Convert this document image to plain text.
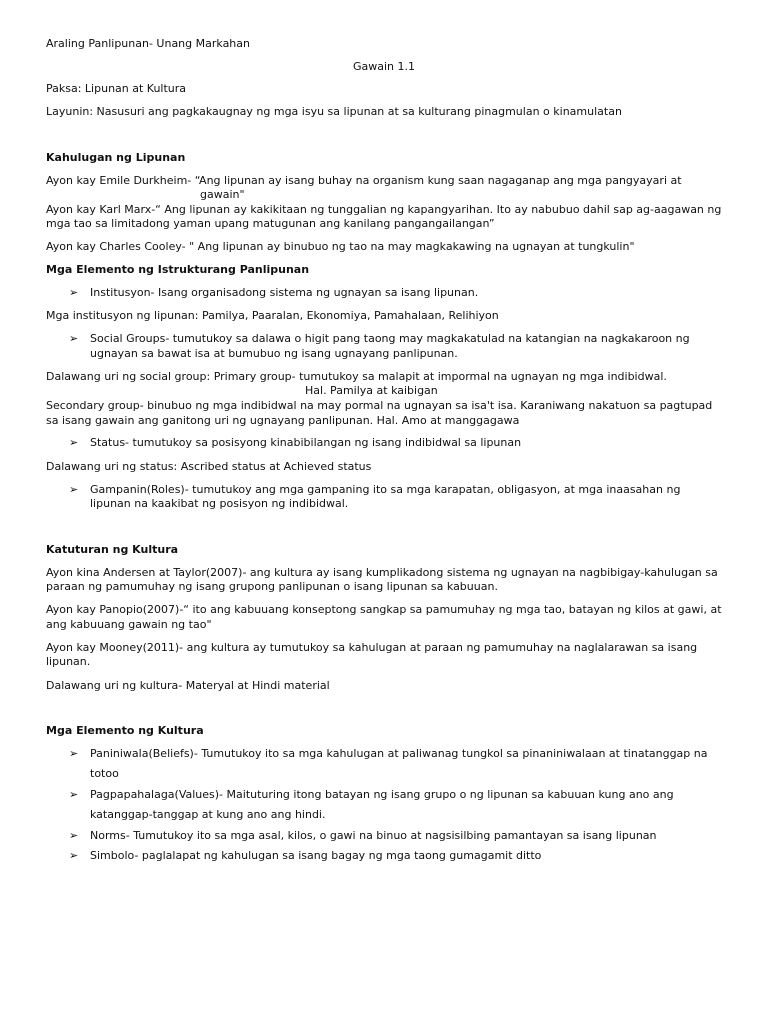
Araling Panlipunan- Unang Markahan
Gawain 1.1
Paksa: Lipunan at Kultura
Layunin: Nasusuri ang pagkakaugnay ng mga isyu sa lipunan at sa kulturang pinagmulan o kinamulatan
Kahulugan ng Lipunan
Ayon kay Emile Durkheim- “Ang lipunan ay isang buhay na organism kung saan nagaganap ang mga pangyayari at
gawain"
Ayon kay Karl Marx-“ Ang lipunan ay kakikitaan ng tunggalian ng kapangyarihan. Ito ay nabubuo dahil sap ag-aagawan ng
mga tao sa limitadong yaman upang matugunan ang kanilang pangangailangan”
Ayon kay Charles Cooley- " Ang lipunan ay binubuo ng tao na may magkakawing na ugnayan at tungkulin"
Mga Elemento ng Istrukturang Panlipunan
➢ Institusyon- Isang organisadong sistema ng ugnayan sa isang lipunan.
Mga institusyon ng lipunan: Pamilya, Paaralan, Ekonomiya, Pamahalaan, Relihiyon
➢ Social Groups- tumutukoy sa dalawa o higit pang taong may magkakatulad na katangian na nagkakaroon ng
ugnayan sa bawat isa at bumubuo ng isang ugnayang panlipunan.
Dalawang uri ng social group: Primary group- tumutukoy sa malapit at impormal na ugnayan ng mga indibidwal.
Hal. Pamilya at kaibigan
Secondary group- binubuo ng mga indibidwal na may pormal na ugnayan sa isa't isa. Karaniwang nakatuon sa pagtupad
sa isang gawain ang ganitong uri ng ugnayang panlipunan. Hal. Amo at manggagawa
➢ Status- tumutukoy sa posisyong kinabibilangan ng isang indibidwal sa lipunan
Dalawang uri ng status: Ascribed status at Achieved status
➢ Gampanin(Roles)- tumutukoy ang mga gampaning ito sa mga karapatan, obligasyon, at mga inaasahan ng
lipunan na kaakibat ng posisyon ng indibidwal.
Katuturan ng Kultura
Ayon kina Andersen at Taylor(2007)- ang kultura ay isang kumplikadong sistema ng ugnayan na nagbibigay-kahulugan sa
paraan ng pamumuhay ng isang grupong panlipunan o isang lipunan sa kabuuan.
Ayon kay Panopio(2007)-“ ito ang kabuuang konseptong sangkap sa pamumuhay ng mga tao, batayan ng kilos at gawi, at
ang kabuuang gawain ng tao"
Ayon kay Mooney(2011)- ang kultura ay tumutukoy sa kahulugan at paraan ng pamumuhay na naglalarawan sa isang
lipunan.
Dalawang uri ng kultura- Materyal at Hindi material
Mga Elemento ng Kultura
➢ Paniniwala(Beliefs)- Tumutukoy ito sa mga kahulugan at paliwanag tungkol sa pinaniniwalaan at tinatanggap na
totoo
➢ Pagpapahalaga(Values)- Maituturing itong batayan ng isang grupo o ng lipunan sa kabuuan kung ano ang
katanggap-tanggap at kung ano ang hindi.
➢ Norms- Tumutukoy ito sa mga asal, kilos, o gawi na binuo at nagsisilbing pamantayan sa isang lipunan
➢ Simbolo- paglalapat ng kahulugan sa isang bagay ng mga taong gumagamit ditto
